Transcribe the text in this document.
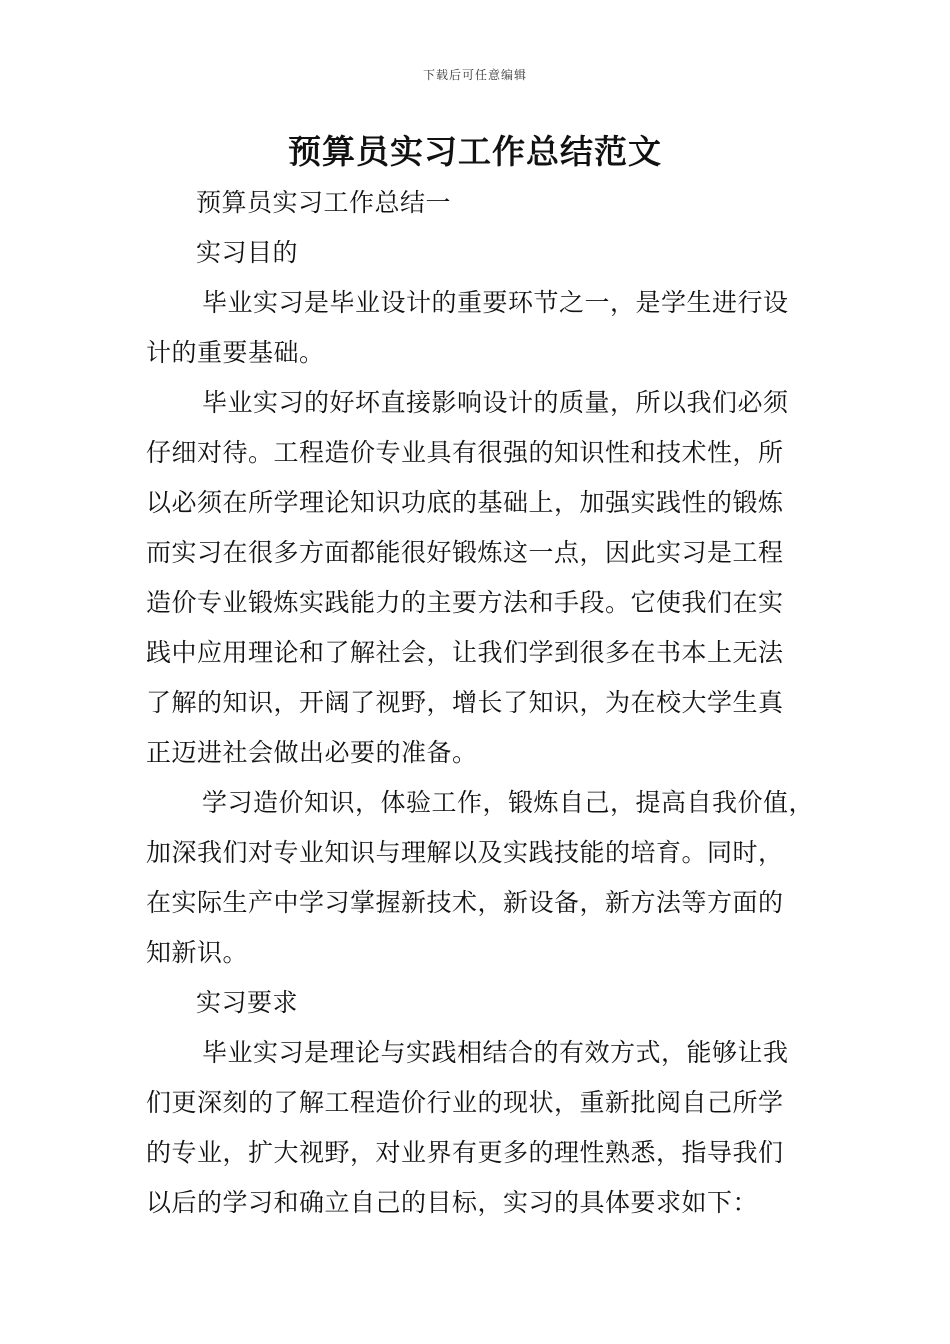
下载后可任意编辑
预算员实习工作总结范文
预算员实习工作总结一
实习目的
毕业实习是毕业设计的重要环节之一，是学生进行设
计的重要基础。
毕业实习的好坏直接影响设计的质量，所以我们必须
仔细对待。工程造价专业具有很强的知识性和技术性，所
以必须在所学理论知识功底的基础上，加强实践性的锻炼
而实习在很多方面都能很好锻炼这一点，因此实习是工程
造价专业锻炼实践能力的主要方法和手段。它使我们在实
践中应用理论和了解社会，让我们学到很多在书本上无法
了解的知识，开阔了视野，增长了知识，为在校大学生真
正迈进社会做出必要的准备。
学习造价知识，体验工作，锻炼自己，提高自我价值，
加深我们对专业知识与理解以及实践技能的培育。同时，
在实际生产中学习掌握新技术，新设备，新方法等方面的
知新识。
实习要求
毕业实习是理论与实践相结合的有效方式，能够让我
们更深刻的了解工程造价行业的现状，重新批阅自己所学
的专业，扩大视野，对业界有更多的理性熟悉，指导我们
以后的学习和确立自己的目标，实习的具体要求如下：
